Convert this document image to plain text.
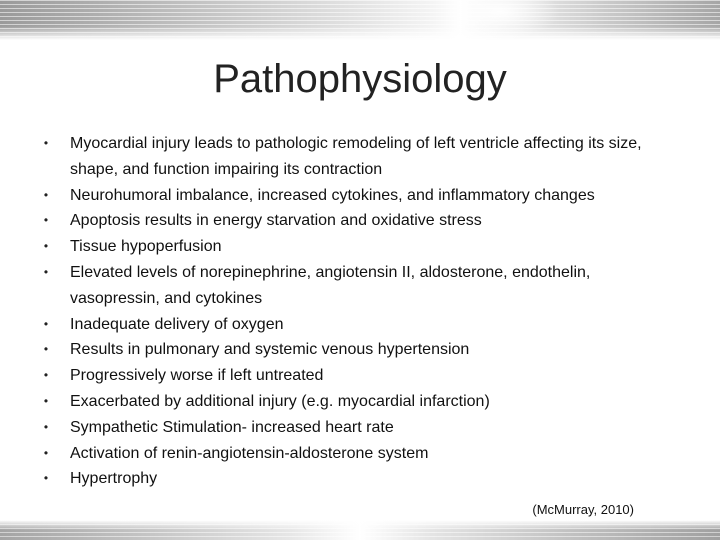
Pathophysiology
• Myocardial injury leads to pathologic remodeling of left ventricle affecting its size, shape, and function impairing its contraction
• Neurohumoral imbalance, increased cytokines, and inflammatory changes
• Apoptosis results in energy starvation and oxidative stress
• Tissue hypoperfusion
• Elevated levels of norepinephrine, angiotensin II, aldosterone, endothelin, vasopressin, and cytokines
• Inadequate delivery of oxygen
• Results in pulmonary and systemic venous hypertension
• Progressively worse if left untreated
• Exacerbated by additional injury (e.g. myocardial infarction)
• Sympathetic Stimulation- increased heart rate
• Activation of renin-angiotensin-aldosterone system
• Hypertrophy
(McMurray, 2010)
